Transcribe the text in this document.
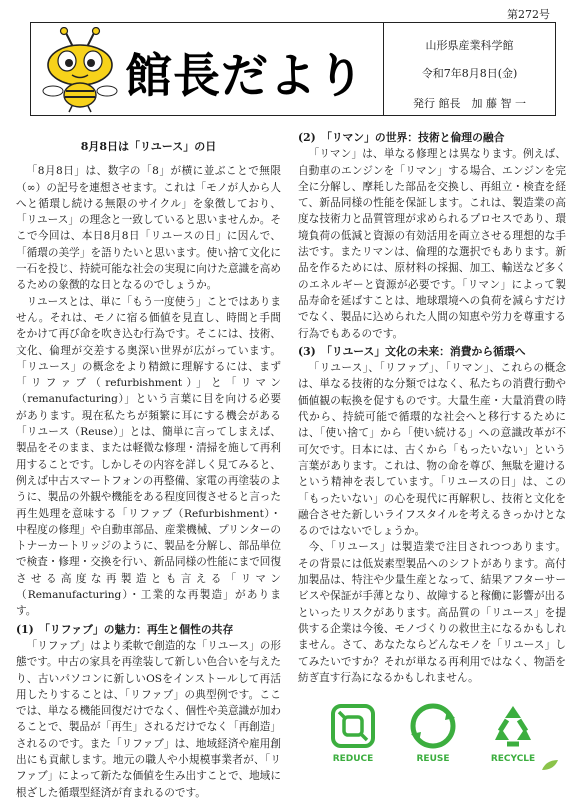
第272号
館長だより
山形県産業科学館
令和7年8月8日(金)
発行 館長　加 藤 智 一
8月8日は「リユース」の日

「8月8日」は、数字の「8」が横に並ぶことで無限（∞）の記号を連想させます。これは「モノが人から人へと循環し続ける無限のサイクル」を象徴しており、「リユース」の理念と一致していると思いませんか。そこで今回は、本日8月8日「リユースの日」に因んで、「循環の美学」を語りたいと思います。使い捨て文化に一石を投じ、持続可能な社会の実現に向けた意識を高めるための象徴的な日となるのでしょうか。

リユースとは、単に「もう一度使う」ことではありません。それは、モノに宿る価値を見直し、時間と手間をかけて再び命を吹き込む行為です。そこには、技術、文化、倫理が交差する奥深い世界が広がっています。「リユース」の概念をより精緻に理解するには、まず「リファブ（refurbishment）」と「リマン（remanufacturing）」という言葉に目を向ける必要があります。現在私たちが頻繁に耳にする機会がある「リユース（Reuse）」とは、簡単に言ってしまえば、製品をそのまま、または軽微な修理・清掃を施して再利用することです。しかしその内容を詳しく見てみると、例えば中古スマートフォンの再整備、家電の再塗装のように、製品の外観や機能をある程度回復させると言った再生処理を意味する「リファブ（Refurbishment）・中程度の修理」や自動車部品、産業機械、プリンターのトナーカートリッジのように、製品を分解し、部品単位で検査・修理・交換を行い、新品同様の性能にまで回復させる高度な再製造とも言える「リマン（Remanufacturing）・工業的な再製造」があります。

(1)　「リファブ」の魅力：再生と個性の共存

「リファブ」はより柔軟で創造的な「リユース」の形態です。中古の家具を再塗装して新しい色合いを与えたり、古いパソコンに新しいOSをインストールして再活用したりすることは、「リファブ」の典型例です。ここでは、単なる機能回復だけでなく、個性や美意識が加わることで、製品が「再生」されるだけでなく「再創造」されるのです。また「リファブ」は、地域経済や雇用創出にも貢献します。地元の職人や小規模事業者が、「リファブ」によって新たな価値を生み出すことで、地域に根ざした循環型経済が育まれるのです。

(2)　「リマン」の世界：技術と倫理の融合

「リマン」は、単なる修理とは異なります。例えば、自動車のエンジンを「リマン」する場合、エンジンを完全に分解し、摩耗した部品を交換し、再組立・検査を経て、新品同様の性能を保証します。これは、製造業の高度な技術力と品質管理が求められるプロセスであり、環境負荷の低減と資源の有効活用を両立させる理想的な手法です。またリマンは、倫理的な選択でもあります。新品を作るためには、原材料の採掘、加工、輸送など多くのエネルギーと資源が必要です。「リマン」によって製品寿命を延ばすことは、地球環境への負荷を減らすだけでなく、製品に込められた人間の知恵や労力を尊重する行為でもあるのです。

(3)　「リユース」文化の未来：消費から循環へ

「リユース」、「リファブ」、「リマン」、これらの概念は、単なる技術的な分類ではなく、私たちの消費行動や価値観の転換を促すものです。大量生産・大量消費の時代から、持続可能で循環的な社会へと移行するためには、「使い捨て」から「使い続ける」への意識改革が不可欠です。日本には、古くから「もったいない」という言葉があります。これは、物の命を尊び、無駄を避けるという精神を表しています。「リユースの日」は、この「もったいない」の心を現代に再解釈し、技術と文化を融合させた新しいライフスタイルを考えるきっかけとなるのではないでしょうか。

今、「リユース」は製造業で注目されつつあります。その背景には低炭素型製品へのシフトがあります。高付加製品は、特注や少量生産となって、結果アフターサービスや保証が手薄となり、故障すると稼働に影響が出るといったリスクがあります。高品質の「リユース」を提供する企業は今後、モノづくりの救世主になるかもしれません。さて、あなたならどんなモノを「リユース」してみたいですか？それが単なる再利用ではなく、物語を紡ぎ直す行為になるかもしれません。

REDUCE	REUSE	RECYCLE
